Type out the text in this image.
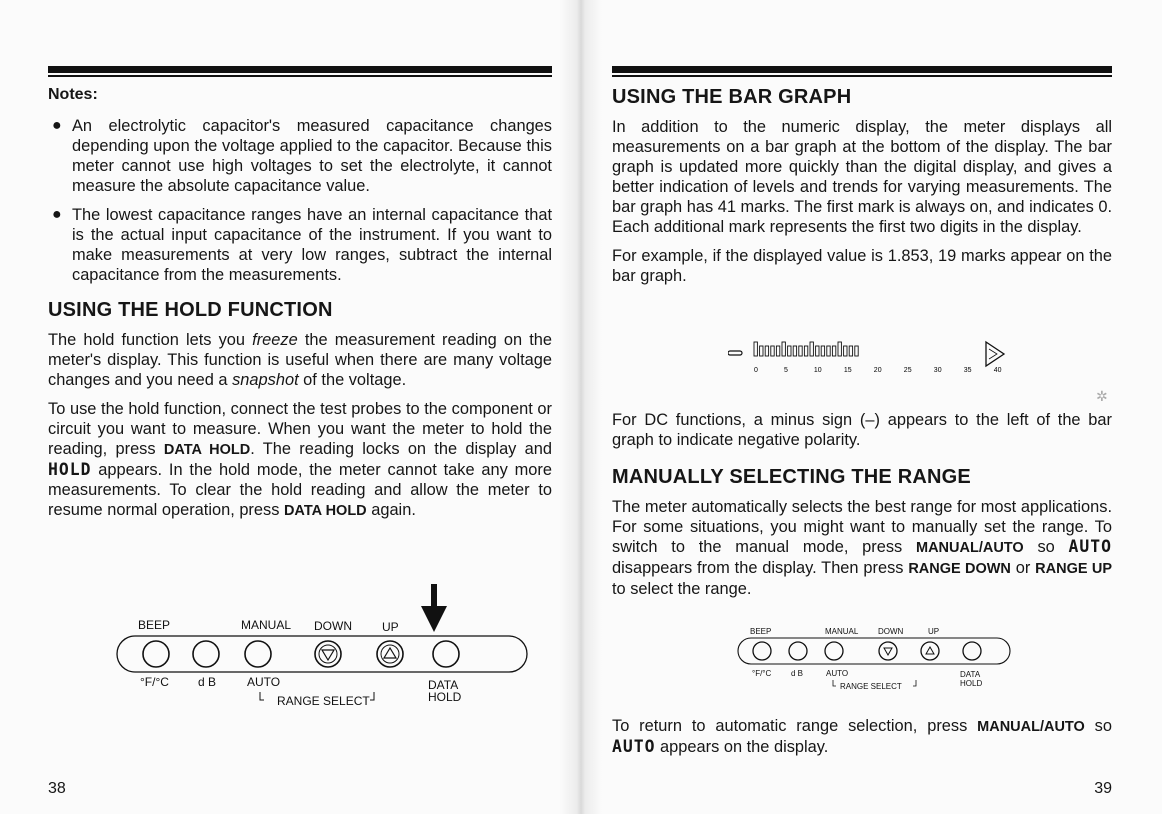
Notes:
● An electrolytic capacitor's measured capacitance changes depending upon the voltage applied to the capacitor. Because this meter cannot use high voltages to set the electrolyte, it cannot measure the absolute capacitance value.
● The lowest capacitance ranges have an internal capacitance that is the actual input capacitance of the instrument. If you want to make measurements at very low ranges, subtract the internal capacitance from the measurements.
USING THE HOLD FUNCTION

The hold function lets you freeze the measurement reading on the meter's display. This function is useful when there are many voltage changes and you need a snapshot of the voltage.

To use the hold function, connect the test probes to the component or circuit you want to measure. When you want the meter to hold the reading, press DATA HOLD. The reading locks on the display and HOLD appears. In the hold mode, the meter cannot take any more measurements. To clear the hold reading and allow the meter to resume normal operation, press DATA HOLD again.

BEEP	MANUAL DOWN	UP
°F/°C d B	AUTO
RANGE SELECT
DATA
HOLD
38
USING THE BAR GRAPH

In addition to the numeric display, the meter displays all measurements on a bar graph at the bottom of the display. The bar graph is updated more quickly than the digital display, and gives a better indication of levels and trends for varying measurements. The bar graph has 41 marks. The first mark is always on, and indicates 0. Each additional mark represents the first two digits in the display.

For example, if the displayed value is 1.853, 19 marks appear on the bar graph.

0	5	10	15	20	25	30	35	40
✲

For DC functions, a minus sign (–) appears to the left of the bar graph to indicate negative polarity.

MANUALLY SELECTING THE RANGE

The meter automatically selects the best range for most applications. For some situations, you might want to manually set the range. To switch to the manual mode, press MANUAL/AUTO so AUTO disappears from the display. Then press RANGE DOWN or RANGE UP to select the range.

BEEP	MANUAL DOWN	UP
°F/°C d B	AUTO
RANGE SELECT
DATA
HOLD

To return to automatic range selection, press MANUAL/AUTO so AUTO appears on the display.

39
